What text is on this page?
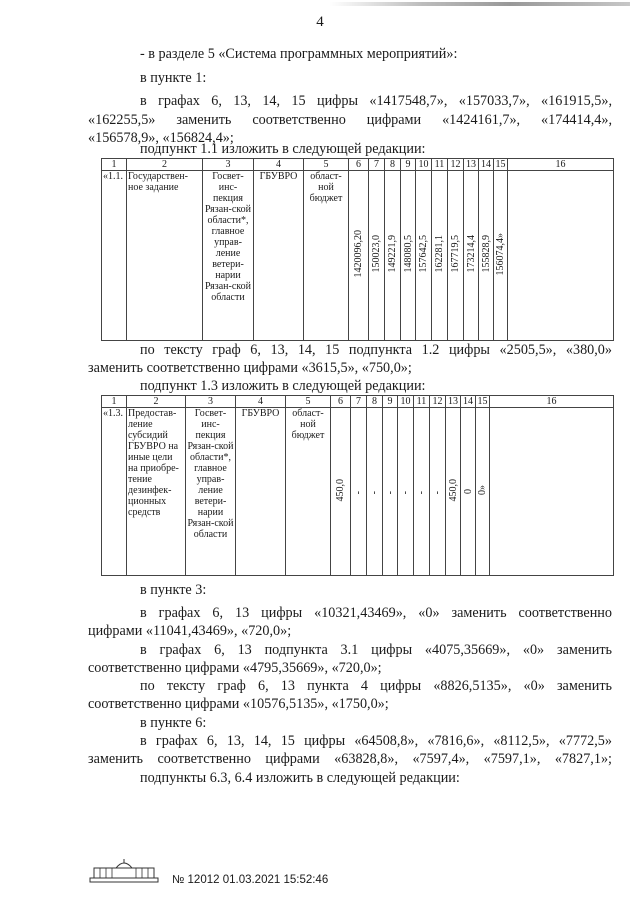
4
- в разделе 5 «Система программных мероприятий»:
в пункте 1:
в графах 6, 13, 14, 15 цифры «1417548,7», «157033,7», «161915,5»,
«162255,5» заменить соответственно цифрами «1424161,7», «174414,4»,
«156578,9», «156824,4»;
подпункт 1.1 изложить в следующей редакции:
1	2	3	4	5	6	7	8	9	10	11	12	13	14	15	16
«1.1.	Государствен-ное задание	Госвет-инс-пекция Рязан-ской области*, главное управ-ление ветери-нарии Рязан-ской области	ГБУВРО	област-ной бюджет	1420096,20	150023,0	149221,9	148080,5	157642,5	162281,1	167719,5	173214,4	155828,9	156074,4»	
по тексту граф 6, 13, 14, 15 подпункта 1.2 цифры «2505,5», «380,0»
заменить соответственно цифрами «3615,5», «750,0»;
подпункт 1.3 изложить в следующей редакции:
1	2	3	4	5	6	7	8	9	10	11	12	13	14	15	16
«1.3.	Предостав-ление субсидий ГБУВРО на иные цели на приобре-тение дезинфек-ционных средств	Госвет-инс-пекция Рязан-ской области*, главное управ-ление ветери-нарии Рязан-ской области	ГБУВРО	област-ной бюджет	450,0	-	-	-	-	-	-	450,0	0	0»	
в пункте 3:
в графах 6, 13 цифры «10321,43469», «0» заменить соответственно
цифрами «11041,43469», «720,0»;
в графах 6, 13 подпункта 3.1 цифры «4075,35669», «0» заменить
соответственно цифрами «4795,35669», «720,0»;
по тексту граф 6, 13 пункта 4 цифры «8826,5135», «0» заменить
соответственно цифрами «10576,5135», «1750,0»;
в пункте 6:
в графах 6, 13, 14, 15 цифры «64508,8», «7816,6», «8112,5», «7772,5»
заменить соответственно цифрами «63828,8», «7597,4», «7597,1», «7827,1»;
подпункты 6.3, 6.4 изложить в следующей редакции:
№ 12012 01.03.2021 15:52:46
